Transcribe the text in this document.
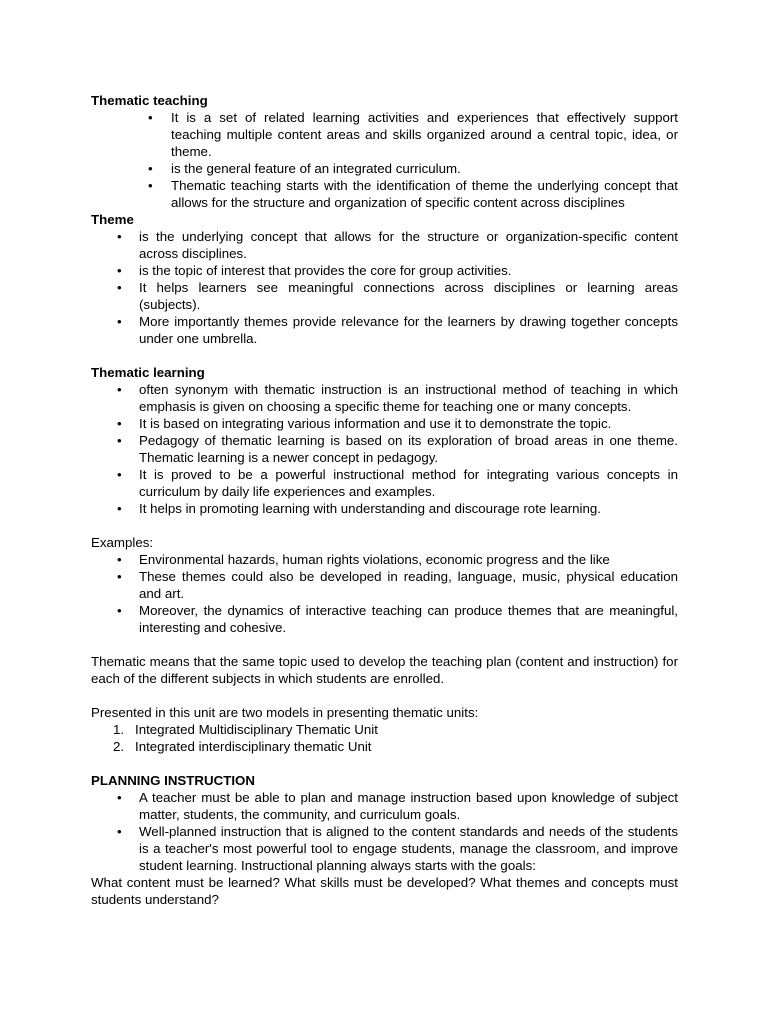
Thematic teaching

• It is a set of related learning activities and experiences that effectively support teaching multiple content areas and skills organized around a central topic, idea, or theme.
• is the general feature of an integrated curriculum.
• Thematic teaching starts with the identification of theme the underlying concept that allows for the structure and organization of specific content across disciplines

Theme

• is the underlying concept that allows for the structure or organization-specific content across disciplines.
• is the topic of interest that provides the core for group activities.
• It helps learners see meaningful connections across disciplines or learning areas (subjects).
• More importantly themes provide relevance for the learners by drawing together concepts under one umbrella.

Thematic learning

• often synonym with thematic instruction is an instructional method of teaching in which emphasis is given on choosing a specific theme for teaching one or many concepts.
• It is based on integrating various information and use it to demonstrate the topic.
• Pedagogy of thematic learning is based on its exploration of broad areas in one theme. Thematic learning is a newer concept in pedagogy.
• It is proved to be a powerful instructional method for integrating various concepts in curriculum by daily life experiences and examples.
• It helps in promoting learning with understanding and discourage rote learning.

Examples:

• Environmental hazards, human rights violations, economic progress and the like
• These themes could also be developed in reading, language, music, physical education and art.
• Moreover, the dynamics of interactive teaching can produce themes that are meaningful, interesting and cohesive.

Thematic means that the same topic used to develop the teaching plan (content and instruction) for each of the different subjects in which students are enrolled.

Presented in this unit are two models in presenting thematic units:

1. Integrated Multidisciplinary Thematic Unit
2. Integrated interdisciplinary thematic Unit

PLANNING INSTRUCTION

• A teacher must be able to plan and manage instruction based upon knowledge of subject matter, students, the community, and curriculum goals.
• Well-planned instruction that is aligned to the content standards and needs of the students is a teacher's most powerful tool to engage students, manage the classroom, and improve student learning. Instructional planning always starts with the goals:

What content must be learned? What skills must be developed? What themes and concepts must students understand?
